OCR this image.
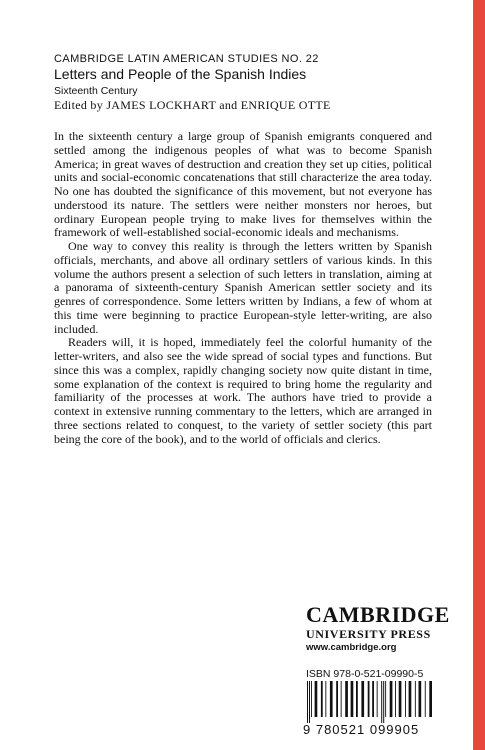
CAMBRIDGE LATIN AMERICAN STUDIES NO. 22
Letters and People of the Spanish Indies
Sixteenth Century
Edited by JAMES LOCKHART and ENRIQUE OTTE

In the sixteenth century a large group of Spanish emigrants conquered and settled among the indigenous peoples of what was to become Spanish America; in great waves of destruction and creation they set up cities, political units and social-economic concatenations that still characterize the area today. No one has doubted the significance of this movement, but not everyone has understood its nature. The settlers were neither monsters nor heroes, but ordinary European people trying to make lives for themselves within the framework of well-established social-economic ideals and mechanisms.

One way to convey this reality is through the letters written by Spanish officials, merchants, and above all ordinary settlers of various kinds. In this volume the authors present a selection of such letters in translation, aiming at a panorama of sixteenth-century Spanish American settler society and its genres of correspondence. Some letters written by Indians, a few of whom at this time were beginning to practice European-style letter-writing, are also included.

Readers will, it is hoped, immediately feel the colorful humanity of the letter-writers, and also see the wide spread of social types and functions. But since this was a complex, rapidly changing society now quite distant in time, some explanation of the context is required to bring home the regularity and familiarity of the processes at work. The authors have tried to provide a context in extensive running commentary to the letters, which are arranged in three sections related to conquest, to the variety of settler society (this part being the core of the book), and to the world of officials and clerics.

CAMBRIDGE
UNIVERSITY PRESS
www.cambridge.org
ISBN 978-0-521-09990-5
9 780521 099905
